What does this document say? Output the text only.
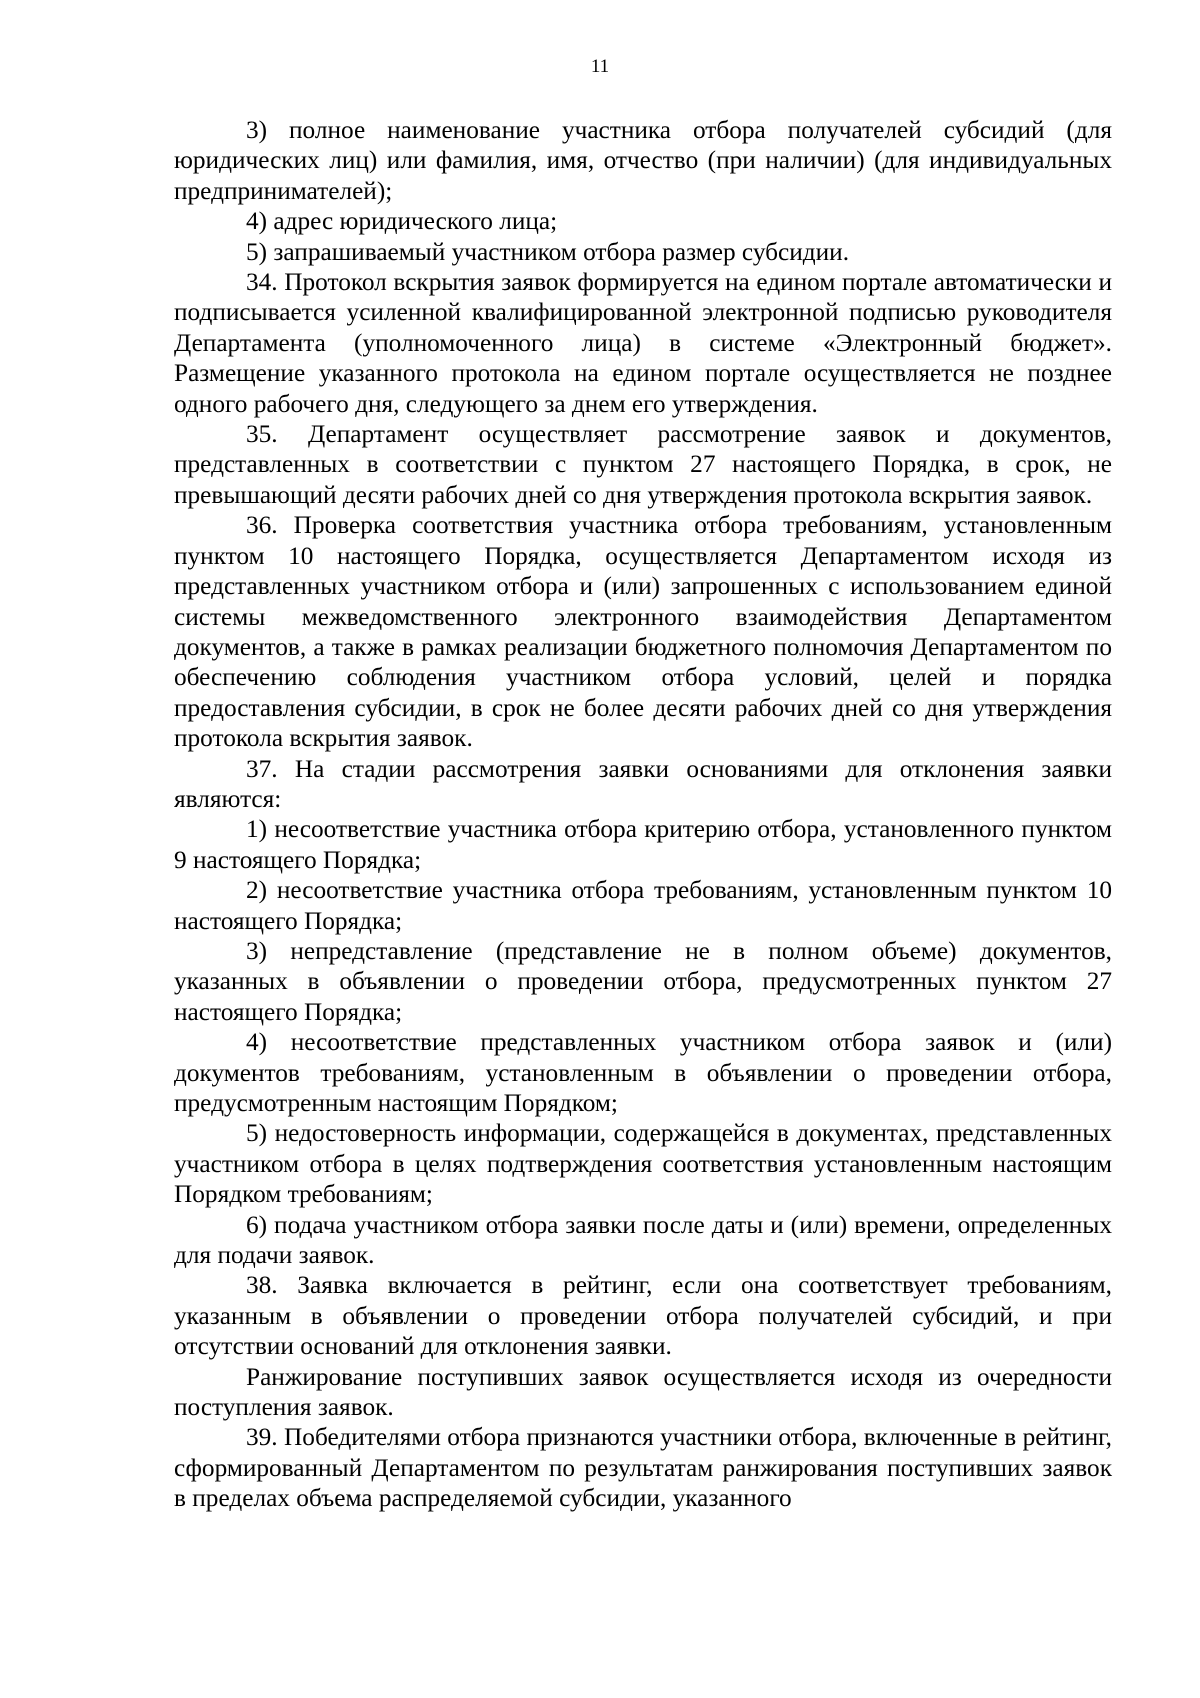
11

3) полное наименование участника отбора получателей субсидий (для юридических лиц) или фамилия, имя, отчество (при наличии) (для индивидуальных предпринимателей);

4) адрес юридического лица;

5) запрашиваемый участником отбора размер субсидии.

34. Протокол вскрытия заявок формируется на едином портале автоматически и подписывается усиленной квалифицированной электронной подписью руководителя Департамента (уполномоченного лица) в системе «Электронный бюджет». Размещение указанного протокола на едином портале осуществляется не позднее одного рабочего дня, следующего за днем его утверждения.

35. Департамент осуществляет рассмотрение заявок и документов, представленных в соответствии с пунктом 27 настоящего Порядка, в срок, не превышающий десяти рабочих дней со дня утверждения протокола вскрытия заявок.

36. Проверка соответствия участника отбора требованиям, установленным пунктом 10 настоящего Порядка, осуществляется Департаментом исходя из представленных участником отбора и (или) запрошенных с использованием единой системы межведомственного электронного взаимодействия Департаментом документов, а также в рамках реализации бюджетного полномочия Департаментом по обеспечению соблюдения участником отбора условий, целей и порядка предоставления субсидии, в срок не более десяти рабочих дней со дня утверждения протокола вскрытия заявок.

37. На стадии рассмотрения заявки основаниями для отклонения заявки являются:

1) несоответствие участника отбора критерию отбора, установленного пунктом 9 настоящего Порядка;

2) несоответствие участника отбора требованиям, установленным пунктом 10 настоящего Порядка;

3) непредставление (представление не в полном объеме) документов, указанных в объявлении о проведении отбора, предусмотренных пунктом 27 настоящего Порядка;

4) несоответствие представленных участником отбора заявок и (или) документов требованиям, установленным в объявлении о проведении отбора, предусмотренным настоящим Порядком;

5) недостоверность информации, содержащейся в документах, представленных участником отбора в целях подтверждения соответствия установленным настоящим Порядком требованиям;

6) подача участником отбора заявки после даты и (или) времени, определенных для подачи заявок.

38. Заявка включается в рейтинг, если она соответствует требованиям, указанным в объявлении о проведении отбора получателей субсидий, и при отсутствии оснований для отклонения заявки.

Ранжирование поступивших заявок осуществляется исходя из очередности поступления заявок.

39. Победителями отбора признаются участники отбора, включенные в рейтинг, сформированный Департаментом по результатам ранжирования поступивших заявок в пределах объема распределяемой субсидии, указанного
